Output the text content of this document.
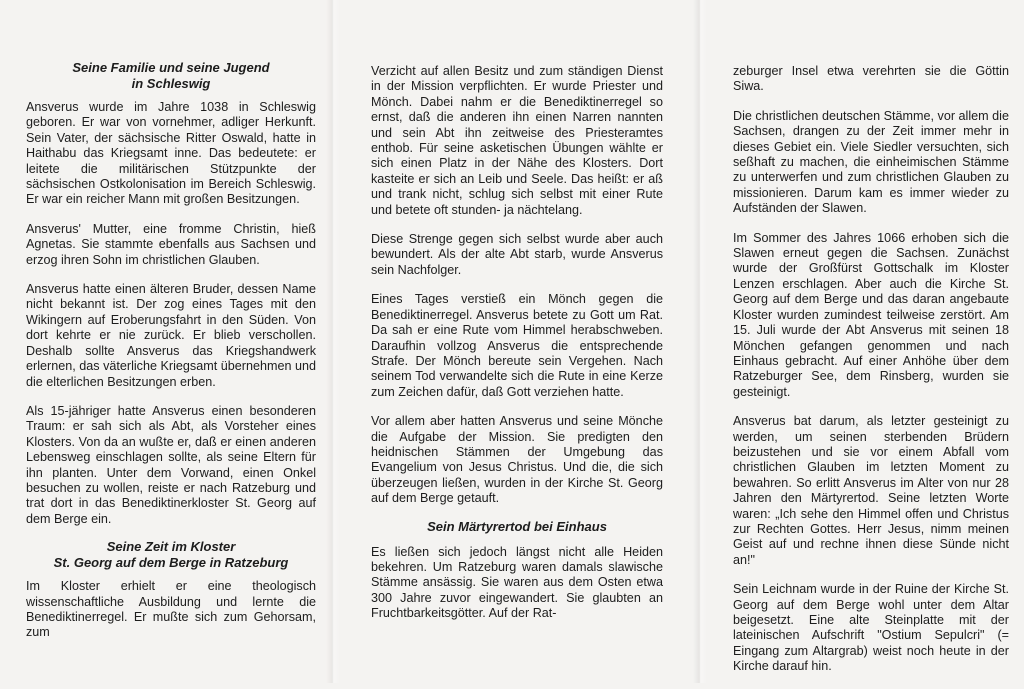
Seine Familie und seine Jugend
in Schleswig

Ansverus wurde im Jahre 1038 in Schleswig geboren. Er war von vornehmer, adliger Herkunft. Sein Vater, der sächsische Ritter Oswald, hatte in Haithabu das Kriegsamt inne. Das bedeutete: er leitete die militärischen Stützpunkte der sächsischen Ostkolonisation im Bereich Schleswig. Er war ein reicher Mann mit großen Besitzungen.

Ansverus' Mutter, eine fromme Christin, hieß Agnetas. Sie stammte ebenfalls aus Sachsen und erzog ihren Sohn im christlichen Glauben.

Ansverus hatte einen älteren Bruder, dessen Name nicht bekannt ist. Der zog eines Tages mit den Wikingern auf Eroberungsfahrt in den Süden. Von dort kehrte er nie zurück. Er blieb verschollen. Deshalb sollte Ansverus das Kriegshandwerk erlernen, das väterliche Kriegsamt übernehmen und die elterlichen Besitzungen erben.

Als 15-jähriger hatte Ansverus einen besonderen Traum: er sah sich als Abt, als Vorsteher eines Klosters. Von da an wußte er, daß er einen anderen Lebensweg einschlagen sollte, als seine Eltern für ihn planten. Unter dem Vorwand, einen Onkel besuchen zu wollen, reiste er nach Ratzeburg und trat dort in das Benediktinerkloster St. Georg auf dem Berge ein.

Seine Zeit im Kloster
St. Georg auf dem Berge in Ratzeburg

Im Kloster erhielt er eine theologisch wissenschaftliche Ausbildung und lernte die Benediktinerregel. Er mußte sich zum Gehorsam, zum

Verzicht auf allen Besitz und zum ständigen Dienst in der Mission verpflichten. Er wurde Priester und Mönch. Dabei nahm er die Benediktinerregel so ernst, daß die anderen ihn einen Narren nannten und sein Abt ihn zeitweise des Priesteramtes enthob. Für seine asketischen Übungen wählte er sich einen Platz in der Nähe des Klosters. Dort kasteite er sich an Leib und Seele. Das heißt: er aß und trank nicht, schlug sich selbst mit einer Rute und betete oft stunden- ja nächtelang.

Diese Strenge gegen sich selbst wurde aber auch bewundert. Als der alte Abt starb, wurde Ansverus sein Nachfolger.

Eines Tages verstieß ein Mönch gegen die Benediktinerregel. Ansverus betete zu Gott um Rat. Da sah er eine Rute vom Himmel herabschweben. Daraufhin vollzog Ansverus die entsprechende Strafe. Der Mönch bereute sein Vergehen. Nach seinem Tod verwandelte sich die Rute in eine Kerze zum Zeichen dafür, daß Gott verziehen hatte.

Vor allem aber hatten Ansverus und seine Mönche die Aufgabe der Mission. Sie predigten den heidnischen Stämmen der Umgebung das Evangelium von Jesus Christus. Und die, die sich überzeugen ließen, wurden in der Kirche St. Georg auf dem Berge getauft.

Sein Märtyrertod bei Einhaus

Es ließen sich jedoch längst nicht alle Heiden bekehren. Um Ratzeburg waren damals slawische Stämme ansässig. Sie waren aus dem Osten etwa 300 Jahre zuvor eingewandert. Sie glaubten an Fruchtbarkeitsgötter. Auf der Rat-

zeburger Insel etwa verehrten sie die Göttin Siwa.

Die christlichen deutschen Stämme, vor allem die Sachsen, drangen zu der Zeit immer mehr in dieses Gebiet ein. Viele Siedler versuchten, sich seßhaft zu machen, die einheimischen Stämme zu unterwerfen und zum christlichen Glauben zu missionieren. Darum kam es immer wieder zu Aufständen der Slawen.

Im Sommer des Jahres 1066 erhoben sich die Slawen erneut gegen die Sachsen. Zunächst wurde der Großfürst Gottschalk im Kloster Lenzen erschlagen. Aber auch die Kirche St. Georg auf dem Berge und das daran angebaute Kloster wurden zumindest teilweise zerstört. Am 15. Juli wurde der Abt Ansverus mit seinen 18 Mönchen gefangen genommen und nach Einhaus gebracht. Auf einer Anhöhe über dem Ratzeburger See, dem Rinsberg, wurden sie gesteinigt.

Ansverus bat darum, als letzter gesteinigt zu werden, um seinen sterbenden Brüdern beizustehen und sie vor einem Abfall vom christlichen Glauben im letzten Moment zu bewahren. So erlitt Ansverus im Alter von nur 28 Jahren den Märtyrertod. Seine letzten Worte waren: „Ich sehe den Himmel offen und Christus zur Rechten Gottes. Herr Jesus, nimm meinen Geist auf und rechne ihnen diese Sünde nicht an!"

Sein Leichnam wurde in der Ruine der Kirche St. Georg auf dem Berge wohl unter dem Altar beigesetzt. Eine alte Steinplatte mit der lateinischen Aufschrift "Ostium Sepulcri" (= Eingang zum Altargrab) weist noch heute in der Kirche darauf hin.
